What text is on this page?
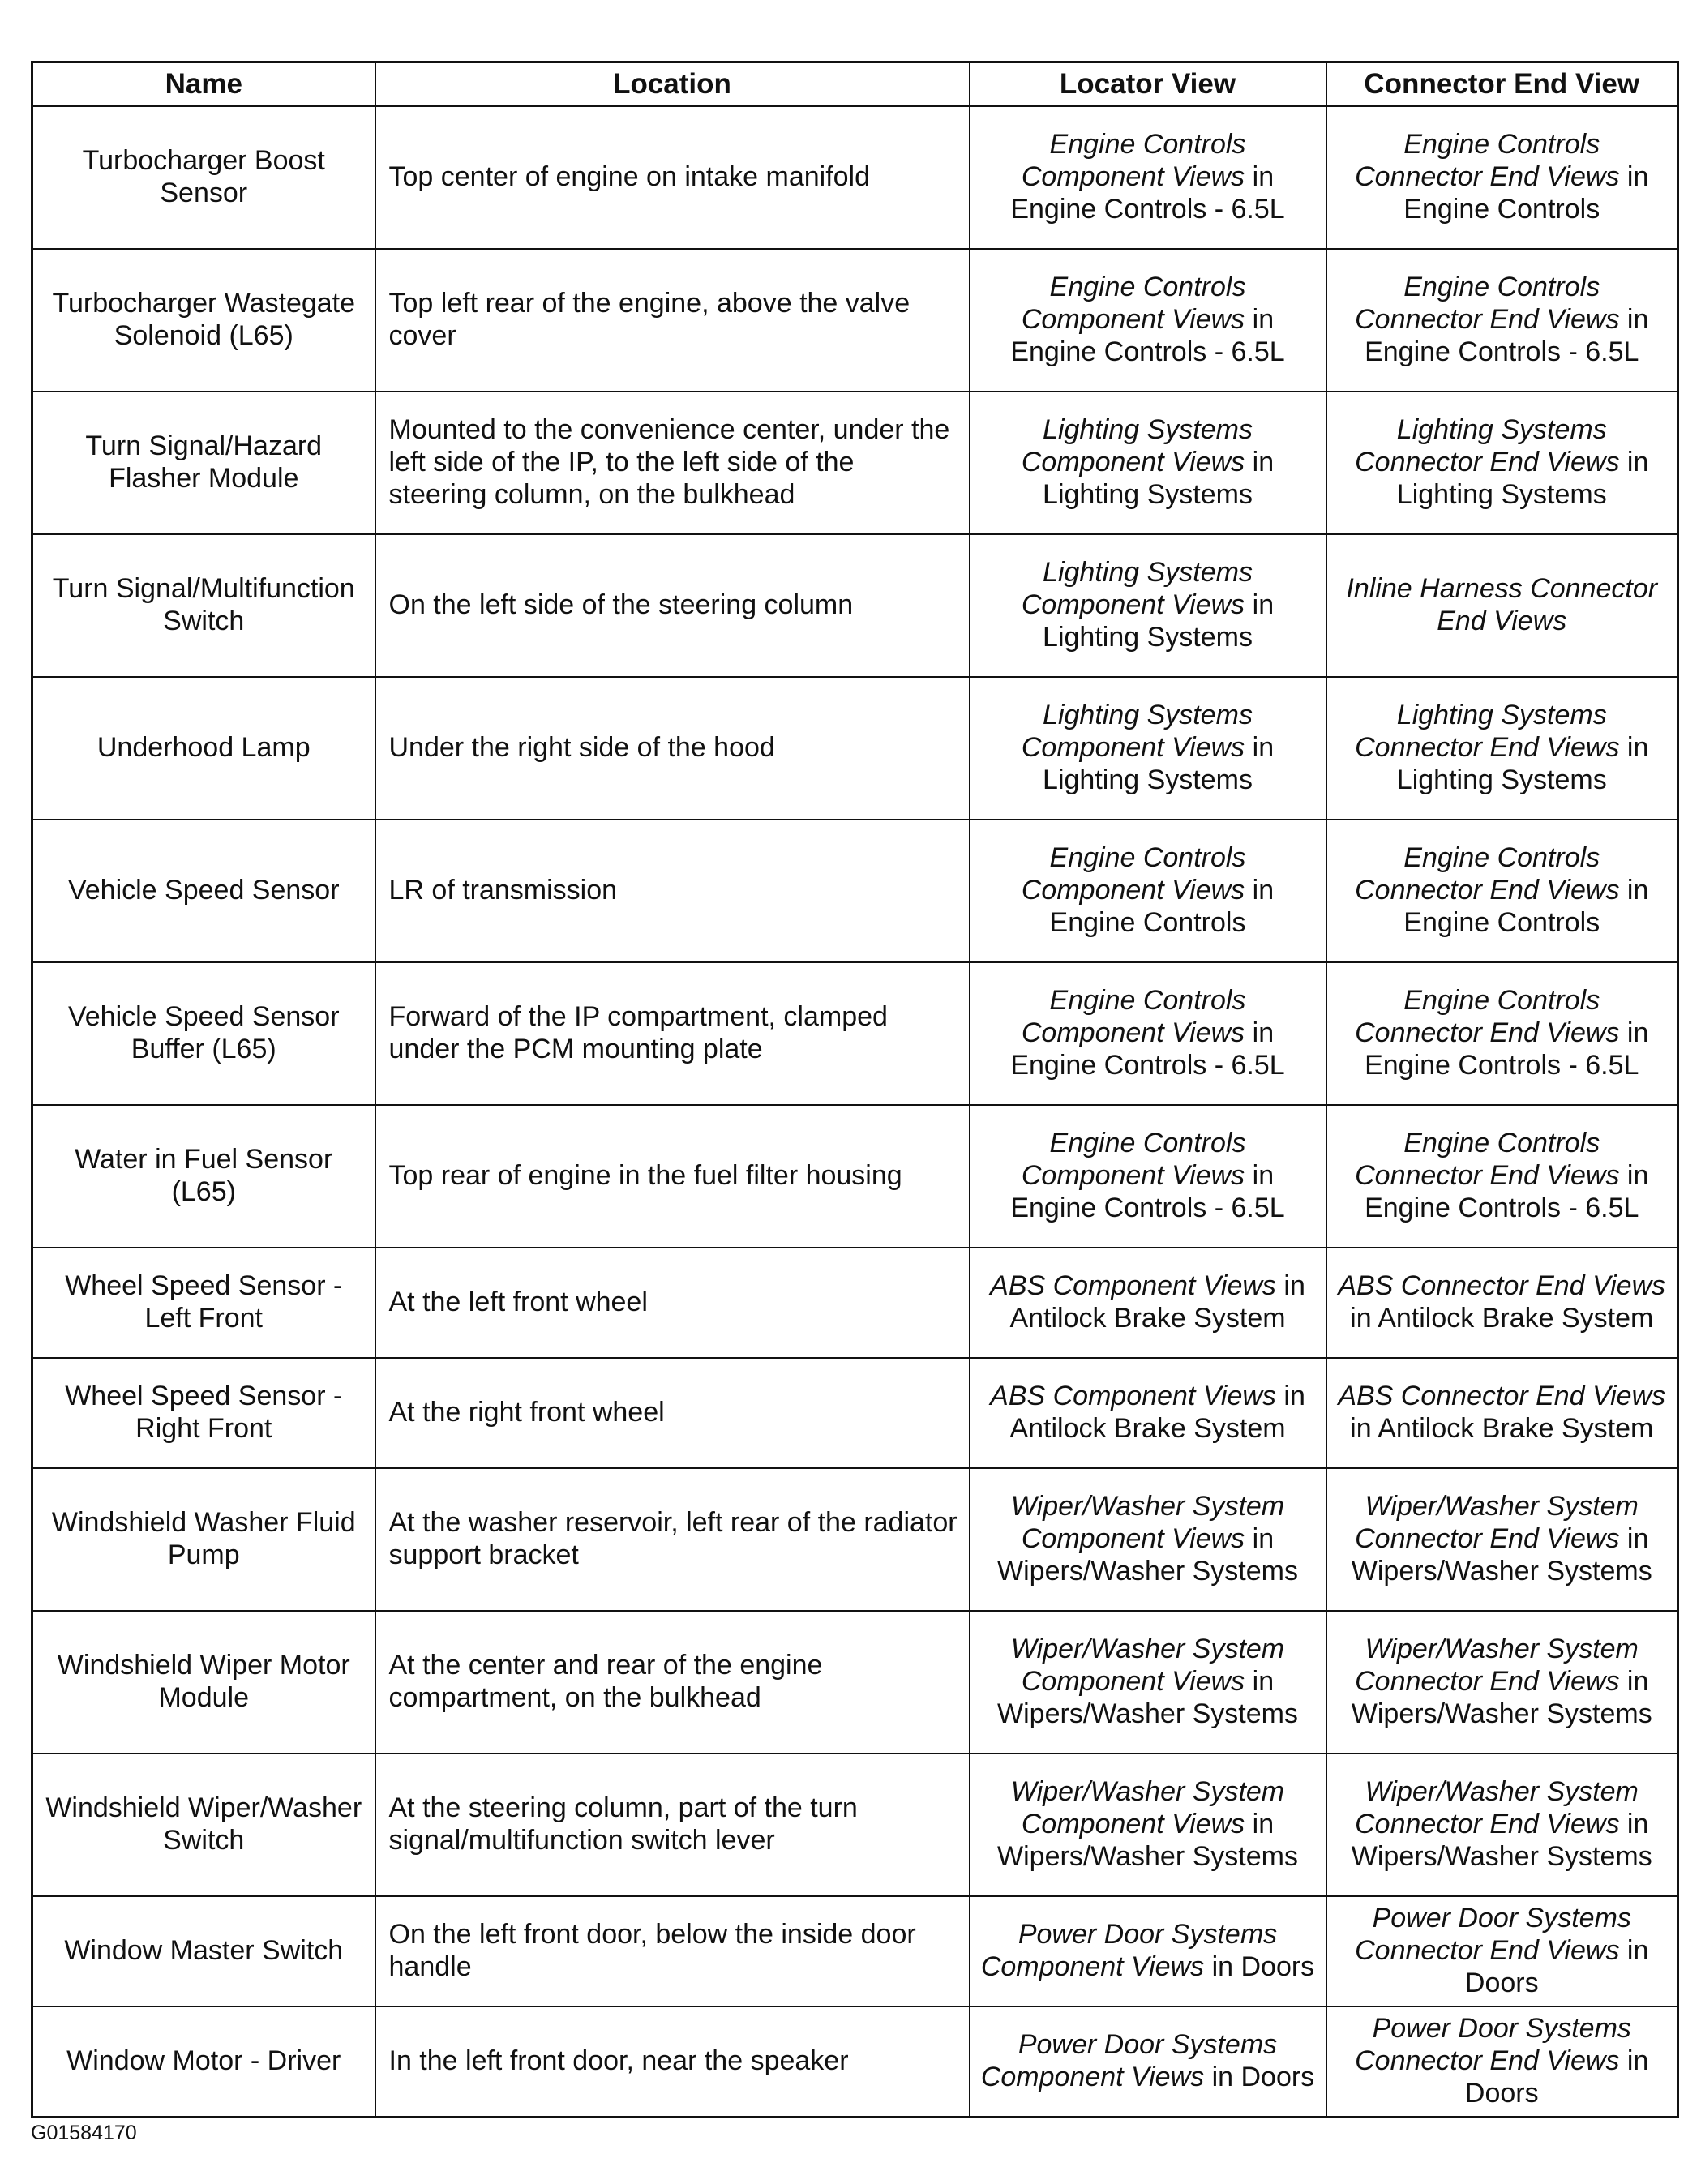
Name	Location	Locator View	Connector End View
Turbocharger Boost Sensor	Top center of engine on intake manifold	Engine Controls Component Views in Engine Controls - 6.5L	Engine Controls Connector End Views in Engine Controls
Turbocharger Wastegate Solenoid (L65)	Top left rear of the engine, above the valve cover	Engine Controls Component Views in Engine Controls - 6.5L	Engine Controls Connector End Views in Engine Controls - 6.5L
Turn Signal/Hazard Flasher Module	Mounted to the convenience center, under the left side of the IP, to the left side of the steering column, on the bulkhead	Lighting Systems Component Views in Lighting Systems	Lighting Systems Connector End Views in Lighting Systems
Turn Signal/Multifunction Switch	On the left side of the steering column	Lighting Systems Component Views in Lighting Systems	Inline Harness Connector End Views
Underhood Lamp	Under the right side of the hood	Lighting Systems Component Views in Lighting Systems	Lighting Systems Connector End Views in Lighting Systems
Vehicle Speed Sensor	LR of transmission	Engine Controls Component Views in Engine Controls	Engine Controls Connector End Views in Engine Controls
Vehicle Speed Sensor Buffer (L65)	Forward of the IP compartment, clamped under the PCM mounting plate	Engine Controls Component Views in Engine Controls - 6.5L	Engine Controls Connector End Views in Engine Controls - 6.5L
Water in Fuel Sensor (L65)	Top rear of engine in the fuel filter housing	Engine Controls Component Views in Engine Controls - 6.5L	Engine Controls Connector End Views in Engine Controls - 6.5L
Wheel Speed Sensor - Left Front	At the left front wheel	ABS Component Views in Antilock Brake System	ABS Connector End Views in Antilock Brake System
Wheel Speed Sensor - Right Front	At the right front wheel	ABS Component Views in Antilock Brake System	ABS Connector End Views in Antilock Brake System
Windshield Washer Fluid Pump	At the washer reservoir, left rear of the radiator support bracket	Wiper/Washer System Component Views in Wipers/Washer Systems	Wiper/Washer System Connector End Views in Wipers/Washer Systems
Windshield Wiper Motor Module	At the center and rear of the engine compartment, on the bulkhead	Wiper/Washer System Component Views in Wipers/Washer Systems	Wiper/Washer System Connector End Views in Wipers/Washer Systems
Windshield Wiper/Washer Switch	At the steering column, part of the turn signal/multifunction switch lever	Wiper/Washer System Component Views in Wipers/Washer Systems	Wiper/Washer System Connector End Views in Wipers/Washer Systems
Window Master Switch	On the left front door, below the inside door handle	Power Door Systems Component Views in Doors	Power Door Systems Connector End Views in Doors
Window Motor - Driver	In the left front door, near the speaker	Power Door Systems Component Views in Doors	Power Door Systems Connector End Views in Doors
G01584170
